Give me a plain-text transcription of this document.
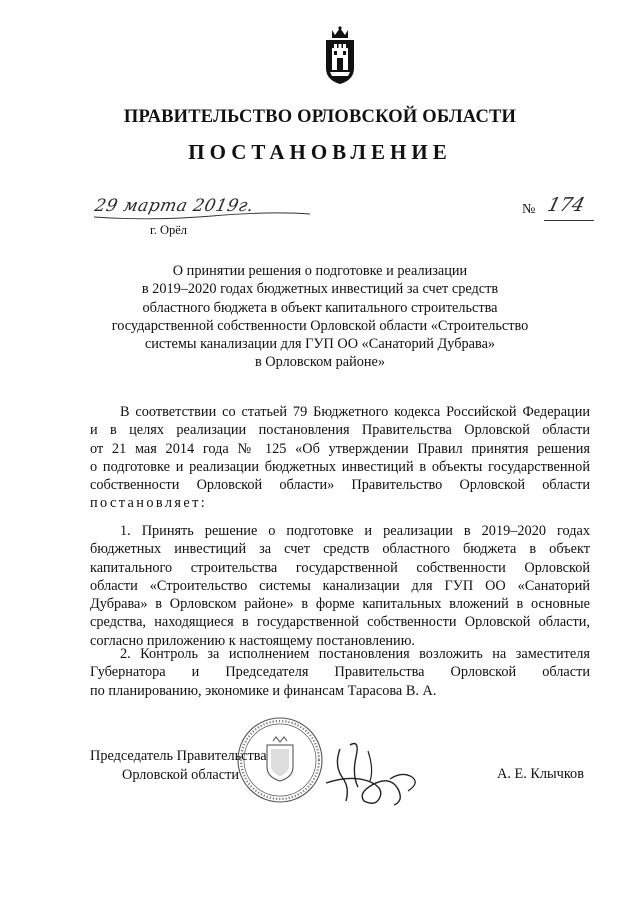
ПРАВИТЕЛЬСТВО ОРЛОВСКОЙ ОБЛАСТИ
ПОСТАНОВЛЕНИЕ
29 марта 2019г.
г. Орёл
№ 174
О принятии решения о подготовке и реализации
в 2019–2020 годах бюджетных инвестиций за счет средств
областного бюджета в объект капитального строительства
государственной собственности Орловской области «Строительство
системы канализации для ГУП ОО «Санаторий Дубрава»
в Орловском районе»
В соответствии со статьей 79 Бюджетного кодекса Российской Федерации
и в целях реализации постановления Правительства Орловской области
от 21 мая 2014 года № 125 «Об утверждении Правил принятия решения
о подготовке и реализации бюджетных инвестиций в объекты государственной
собственности Орловской области» Правительство Орловской области
постановляет:
1. Принять решение о подготовке и реализации в 2019–2020 годах
бюджетных инвестиций за счет средств областного бюджета в объект
капитального строительства государственной собственности Орловской
области «Строительство системы канализации для ГУП ОО «Санаторий
Дубрава» в Орловском районе» в форме капитальных вложений в основные
средства, находящиеся в государственной собственности Орловской области,
согласно приложению к настоящему постановлению.
2. Контроль за исполнением постановления возложить на заместителя
Губернатора и Председателя Правительства Орловской области
по планированию, экономике и финансам Тарасова В. А.
Председатель Правительства
Орловской области	А. Е. Клычков
